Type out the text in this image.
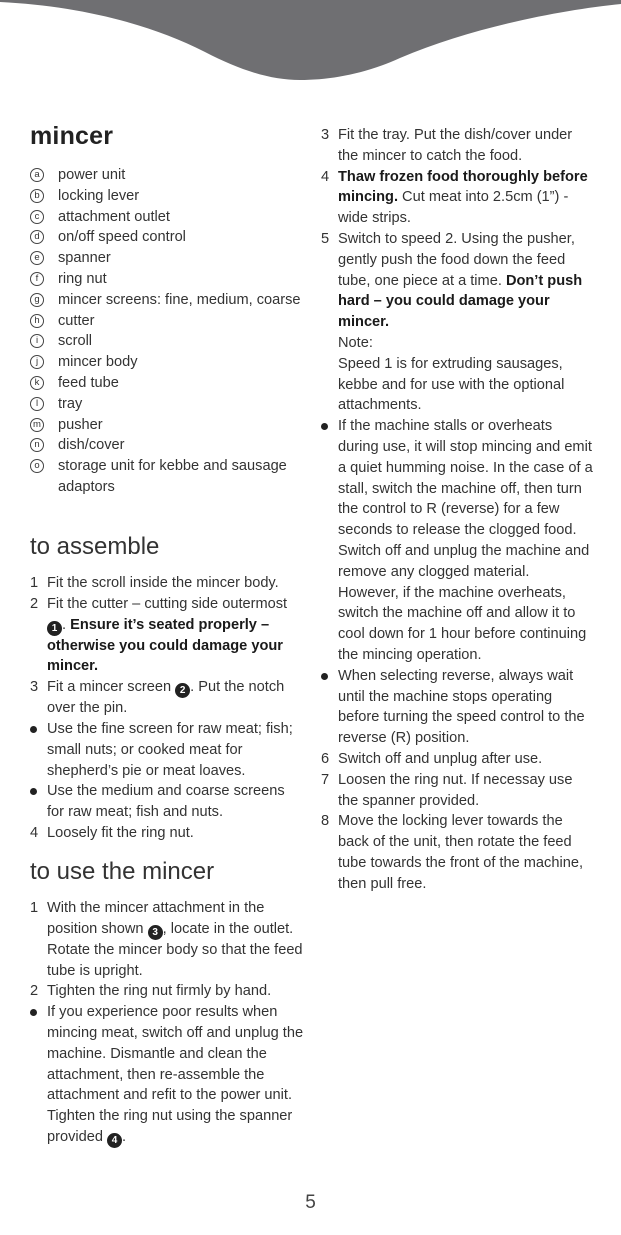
mincer
a power unit
b locking lever
c	attachment outlet
d on/off speed control
e spanner
f	ring nut
g mincer screens: fine, medium, coarse
h cutter
i	scroll
j	mincer body
k	feed tube
l	tray
m pusher
n dish/cover
o storage unit for kebbe and sausage adaptors
to assemble
1 Fit the scroll inside the mincer body.
2 Fit the cutter – cutting side outermost 1 . Ensure it’s seated properly – otherwise you could damage your mincer.
3 Fit a mincer screen 2 . Put the notch over the pin.
Use the fine screen for raw meat; fish; small nuts; or cooked meat for shepherd’s pie or meat loaves.
Use the medium and coarse screens for raw meat; fish and nuts.
4 Loosely fit the ring nut.
to use the mincer
1 With the mincer attachment in the position shown 3 , locate in the outlet. Rotate the mincer body so that the feed tube is upright.
2 Tighten the ring nut firmly by hand.
If you experience poor results when mincing meat, switch off and unplug the machine. Dismantle and clean the attachment, then re-assemble the attachment and refit to the power unit. Tighten the ring nut using the spanner provided 4 .
3 Fit the tray. Put the dish/cover under the mincer to catch the food.
4 Thaw frozen food thoroughly before mincing. Cut meat into 2.5cm (1”) -wide strips.
5 Switch to speed 2. Using the pusher, gently push the food down the feed tube, one piece at a time. Don’t push hard – you could damage your mincer.
Note:
Speed 1 is for extruding sausages, kebbe and for use with the optional attachments.
If the machine stalls or overheats during use, it will stop mincing and emit a quiet humming noise. In the case of a stall, switch the machine off, then turn the control to R (reverse) for a few seconds to release the clogged food. Switch off and unplug the machine and remove any clogged material. However, if the machine overheats, switch the machine off and allow it to cool down for 1 hour before continuing the mincing operation.
When selecting reverse, always wait until the machine stops operating before turning the speed control to the reverse (R) position.
6 Switch off and unplug after use.
7 Loosen the ring nut. If necessay use the spanner provided.
8 Move the locking lever towards the back of the unit, then rotate the feed tube towards the front of the machine, then pull free.
5
